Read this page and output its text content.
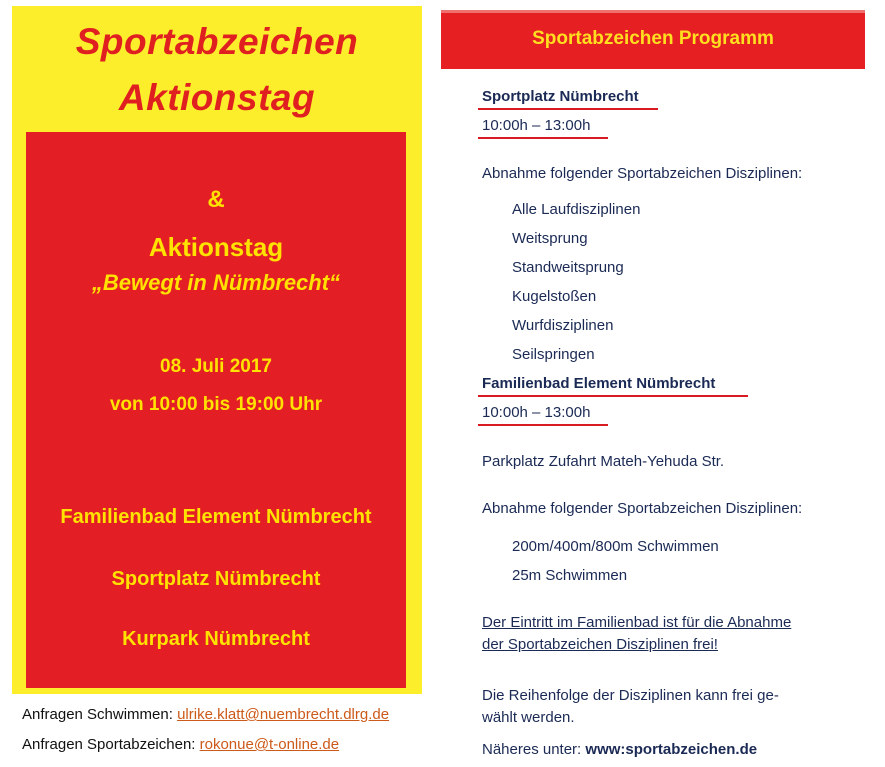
Sportabzeichen
Aktionstag
&
Aktionstag
„Bewegt in Nümbrecht“
08. Juli 2017
von 10:00 bis 19:00 Uhr
Familienbad Element Nümbrecht
Sportplatz Nümbrecht
Kurpark Nümbrecht
Anfragen Schwimmen: ulrike.klatt@nuembrecht.dlrg.de
Anfragen Sportabzeichen: rokonue@t-online.de
Sportabzeichen Programm
Sportplatz Nümbrecht
10:00h – 13:00h
Abnahme folgender Sportabzeichen Disziplinen:
Alle Laufdisziplinen
Weitsprung
Standweitsprung
Kugelstoßen
Wurfdisziplinen
Seilspringen
Familienbad Element Nümbrecht
10:00h – 13:00h
Parkplatz Zufahrt Mateh-Yehuda Str.
Abnahme folgender Sportabzeichen Disziplinen:
200m/400m/800m Schwimmen
25m Schwimmen
Der Eintritt im Familienbad ist für die Abnahme
der Sportabzeichen Disziplinen frei!
Die Reihenfolge der Disziplinen kann frei ge-
wählt werden.
Näheres unter: www:sportabzeichen.de
